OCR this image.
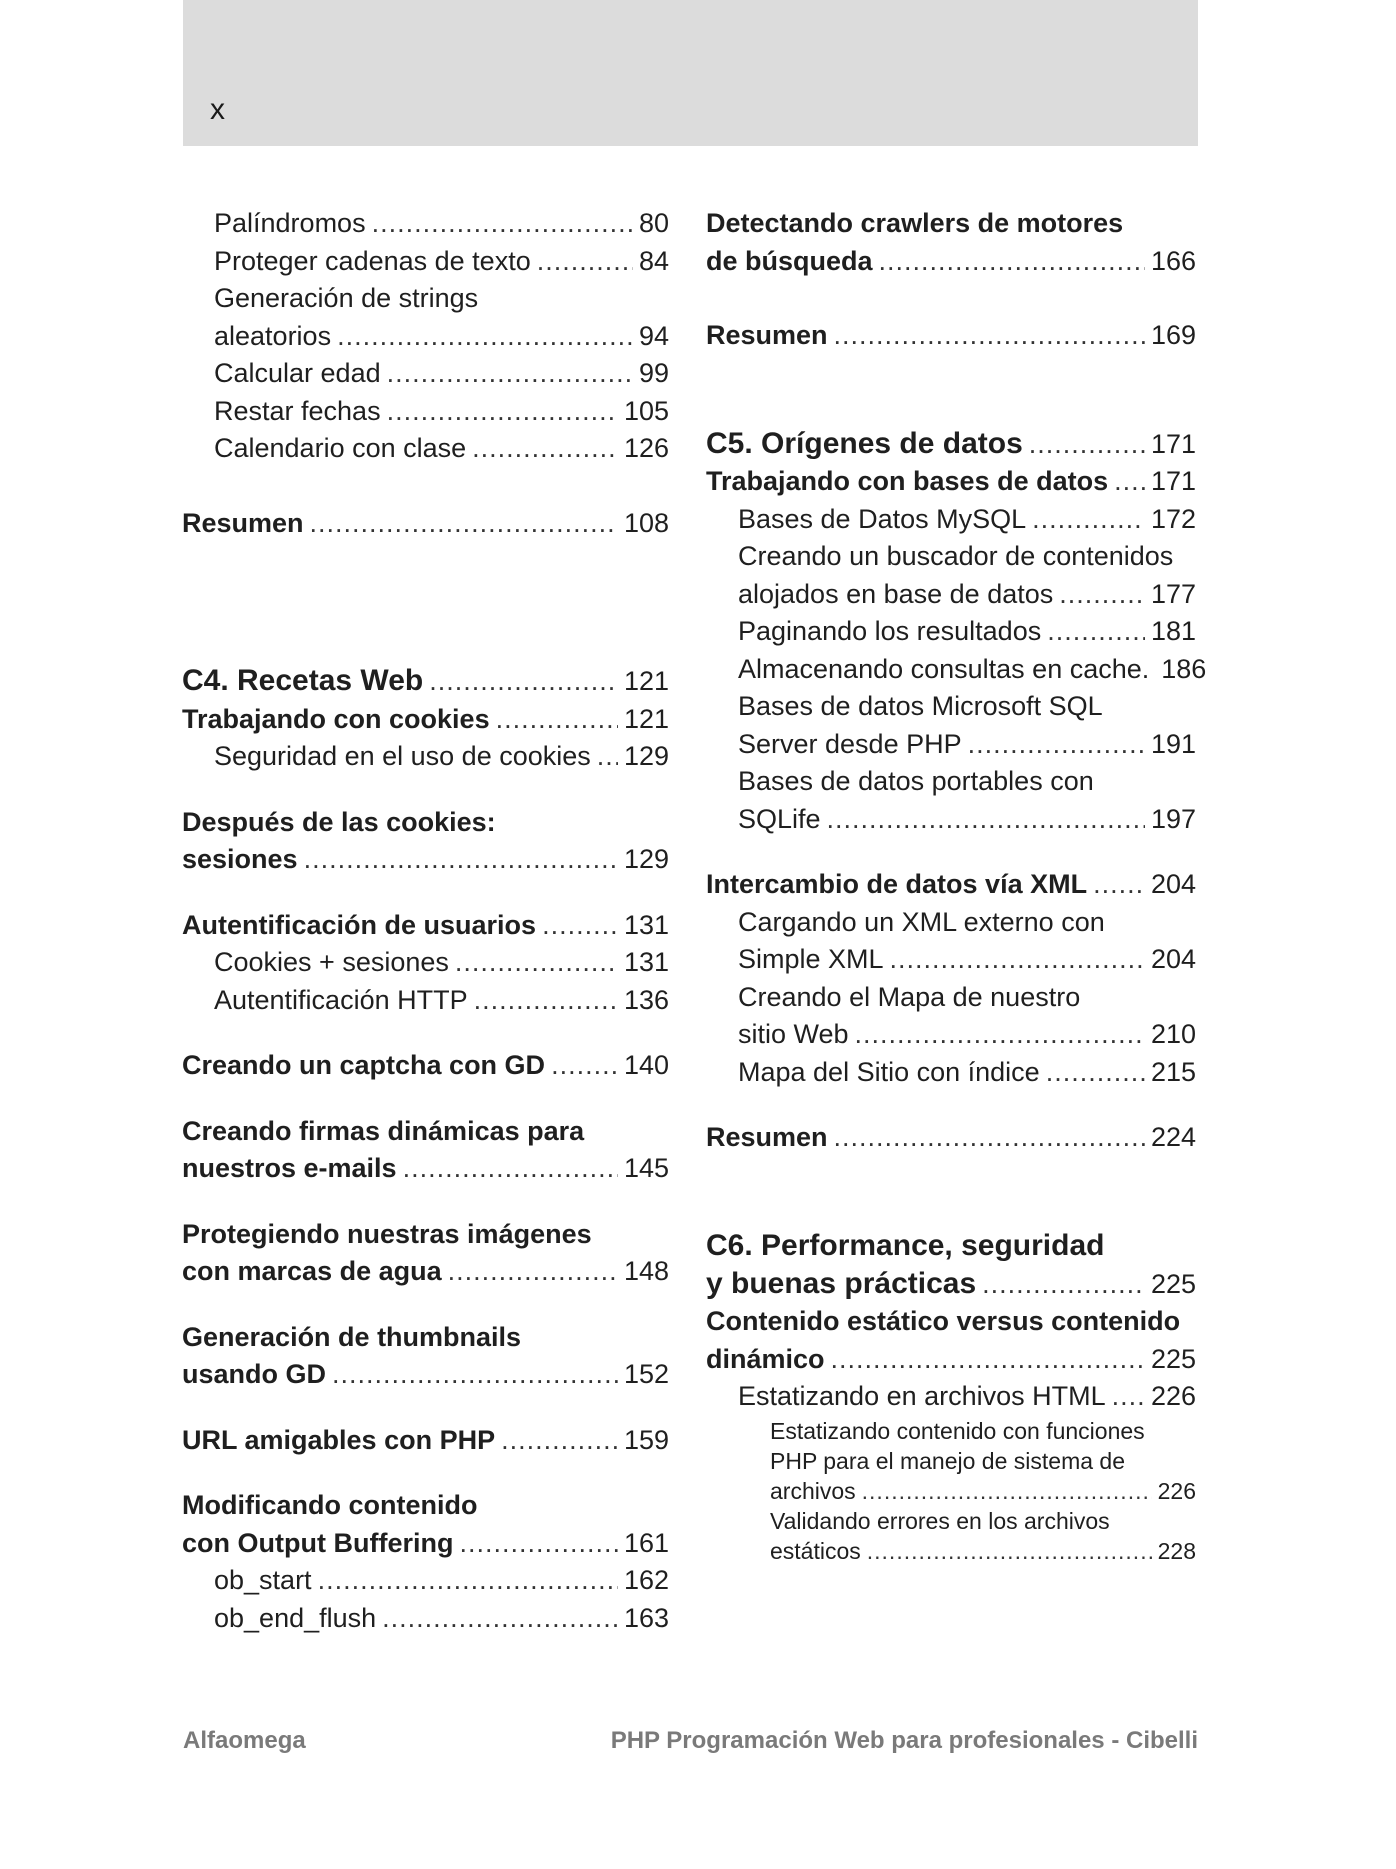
x
Palíndromos .....	80
Proteger cadenas de texto .....	84
Generación de strings
aleatorios .....	94
Calcular edad .....	99
Restar fechas .....	105
Calendario con clase .....	126
Resumen .....	108
C4. Recetas Web .....	121
Trabajando con cookies .....	121
Seguridad en el uso de cookies ..... 129
Después de las cookies:
sesiones .....	129
Autentificación de usuarios .....	131
Cookies + sesiones .....	131
Autentificación HTTP .....	136
Creando un captcha con GD .....	140
Creando firmas dinámicas para
nuestros e-mails .....	145
Protegiendo nuestras imágenes
con marcas de agua .....	148
Generación de thumbnails
usando GD .....	152
URL amigables con PHP .....	159
Modificando contenido
con Output Buffering .....	161
ob_start .....	162
ob_end_flush .....	163
Detectando crawlers de motores
de búsqueda .....	166
Resumen .....	169
C5. Orígenes de datos .....	171
Trabajando con bases de datos ..... 171
Bases de Datos MySQL .....	172
Creando un buscador de contenidos
alojados en base de datos .....	177
Paginando los resultados .....	181
Almacenando consultas en cache. 186
Bases de datos Microsoft SQL
Server desde PHP .....	191
Bases de datos portables con
SQLife .....	197
Intercambio de datos vía XML ..... 204
Cargando un XML externo con
Simple XML .....	204
Creando el Mapa de nuestro
sitio Web .....	210
Mapa del Sitio con índice .....	215
Resumen .....	224
C6. Performance, seguridad
y buenas prácticas .....	225
Contenido estático versus contenido
dinámico .....	225
Estatizando en archivos HTML ..... 226
Estatizando contenido con funciones
PHP para el manejo de sistema de
archivos .....	226
Validando errores en los archivos
estáticos .....	228
Alfaomega	PHP Programación Web para profesionales - Cibelli
